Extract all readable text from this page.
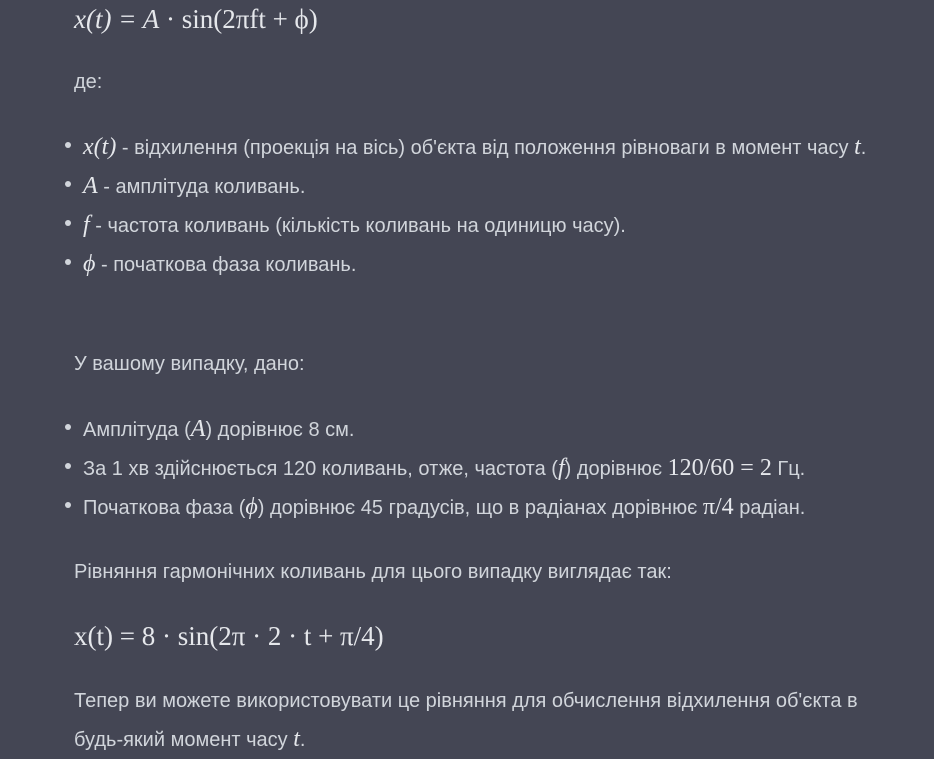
x(t) = A · sin(2πft + ϕ)
де:
x(t) - відхилення (проекція на вісь) об'єкта від положення рівноваги в момент часу t.
A - амплітуда коливань.
f - частота коливань (кількість коливань на одиницю часу).
ϕ - початкова фаза коливань.
У вашому випадку, дано:
Амплітуда (A) дорівнює 8 см.
За 1 хв здійснюється 120 коливань, отже, частота (f) дорівнює 120/60 = 2 Гц.
Початкова фаза (ϕ) дорівнює 45 градусів, що в радіанах дорівнює π/4 радіан.
Рівняння гармонічних коливань для цього випадку виглядає так:
x(t) = 8 · sin(2π · 2 · t + π/4)
Тепер ви можете використовувати це рівняння для обчислення відхилення об'єкта в будь-який момент часу t.
